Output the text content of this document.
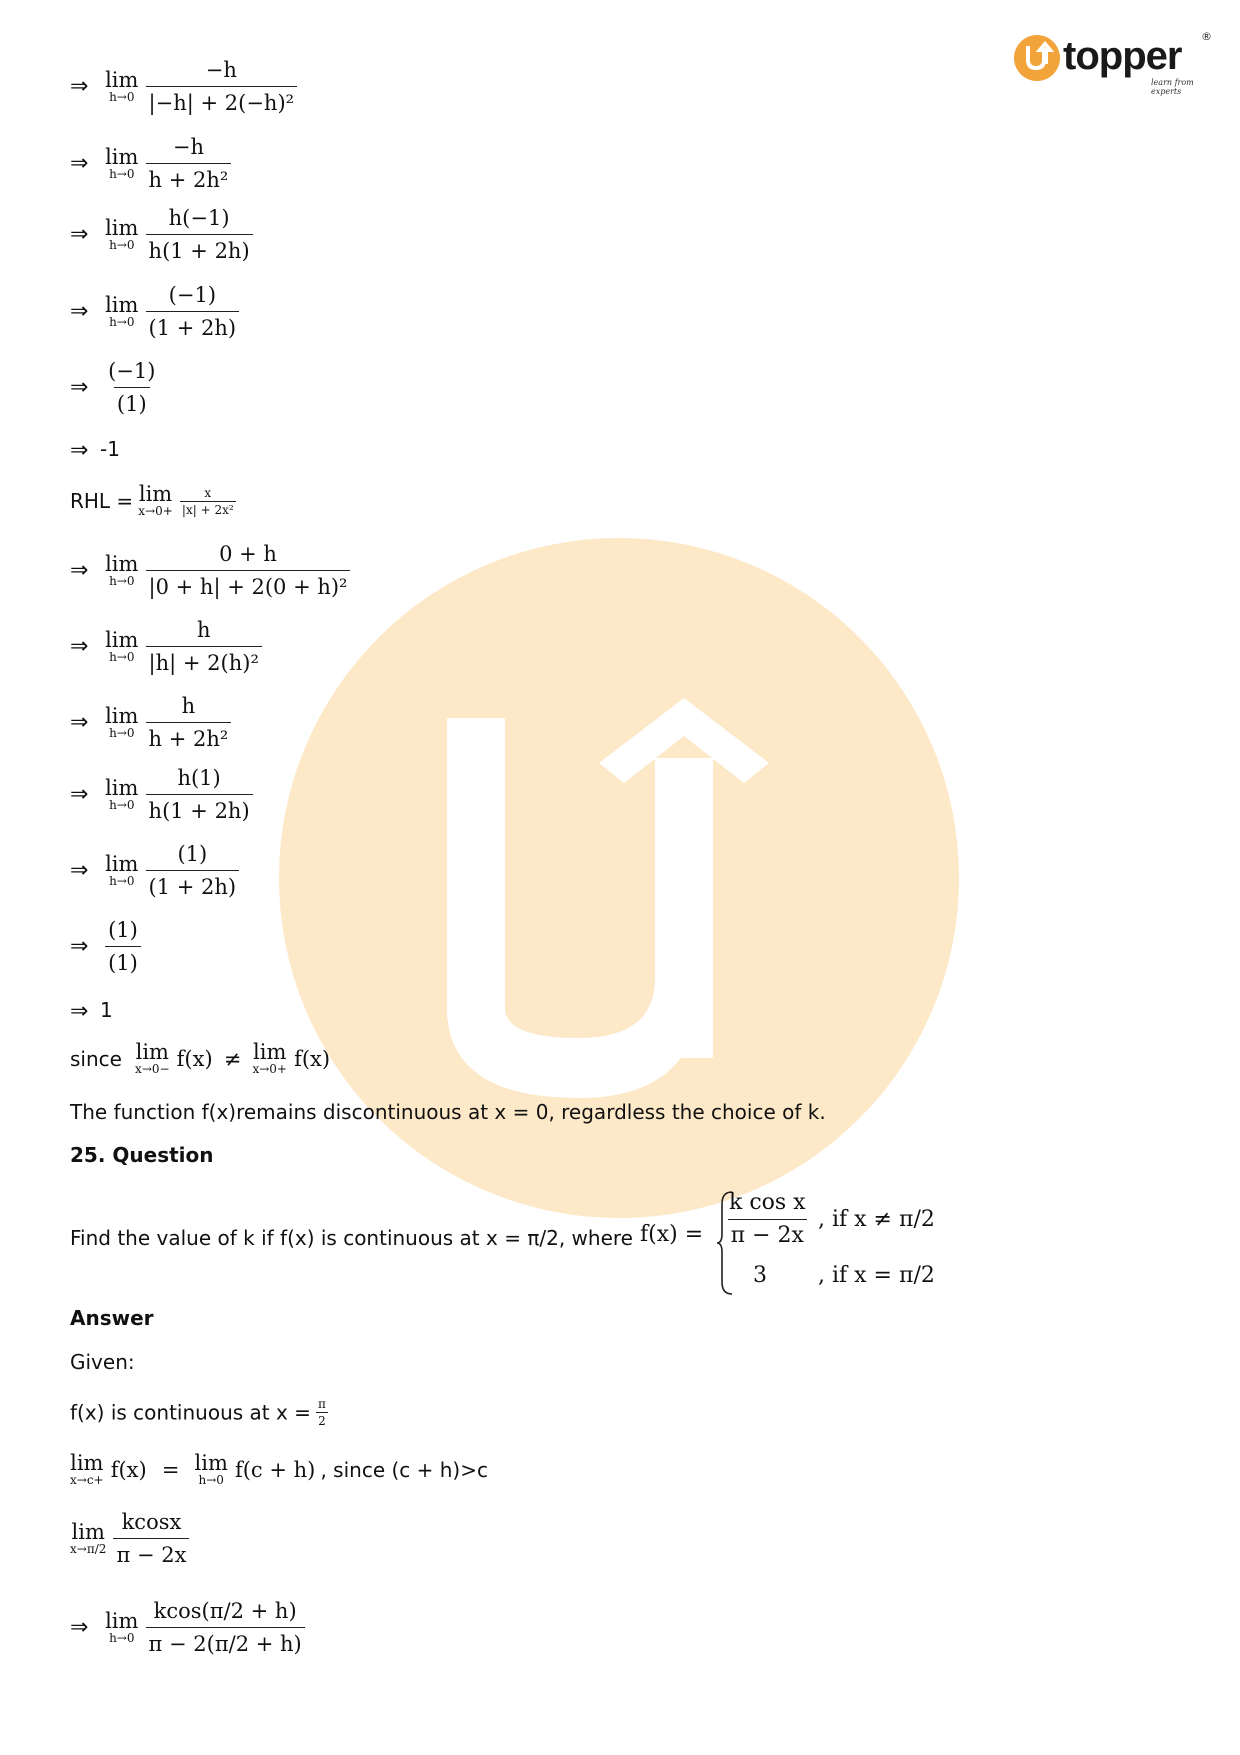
topper ®
learn from experts
⇒ lim
h→0
$\frac{-h}{\text{|−h| + 2(−h)²}}$
⇒ lim
h→0
$\frac{-h}{\text{h + 2h²}}$
⇒ lim
h→0
$\frac{h(-1)}{h(1 + 2h)}$
⇒ lim
h→0
$\frac{(-1)}{(1 + 2h)}$
⇒ $\frac{(-1)}{(1)}$
⇒ -1
RHL = lim
x→0+
$\frac{x}{\text{|x| + 2x²}}$
⇒ lim
h→0
$\frac{0 + h}{\text{|0 + h| + 2(0 + h)²}}$
⇒ lim
h→0
$\frac{h}{\text{|h| + 2(h)²}}$
⇒ lim
h→0
$\frac{h}{\text{h + 2h²}}$
⇒ lim
h→0
$\frac{h(1)}{h(1 + 2h)}$
⇒ lim
h→0
$\frac{(1)}{(1 + 2h)}$
⇒ $\frac{(1)}{(1)}$
⇒ 1
since lim
x→0− f(x) ≠ lim
x→0+ f(x)
The function f(x)remains discontinuous at x = 0, regardless the choice of k.
25. Question
Find the value of k if f(x) is continuous at x = π/2, where $f(x) = \frac{\text{k cos x}}{\pi - 2x}$ , if x ≠ π/2
3 , if x = π/2
Answer
Given:
f(x) is continuous at $x = \frac{\pi}{2}$
lim
x→c+ f(x) = lim
h→0 f(c + h) , since (c + h)>c
lim
x→π/2
$\frac{kcosx}{\pi - 2x}$
⇒ lim
h→0
$\frac{kcos(\pi/2 + h)}{\pi - 2(\pi/2 + h)}$
